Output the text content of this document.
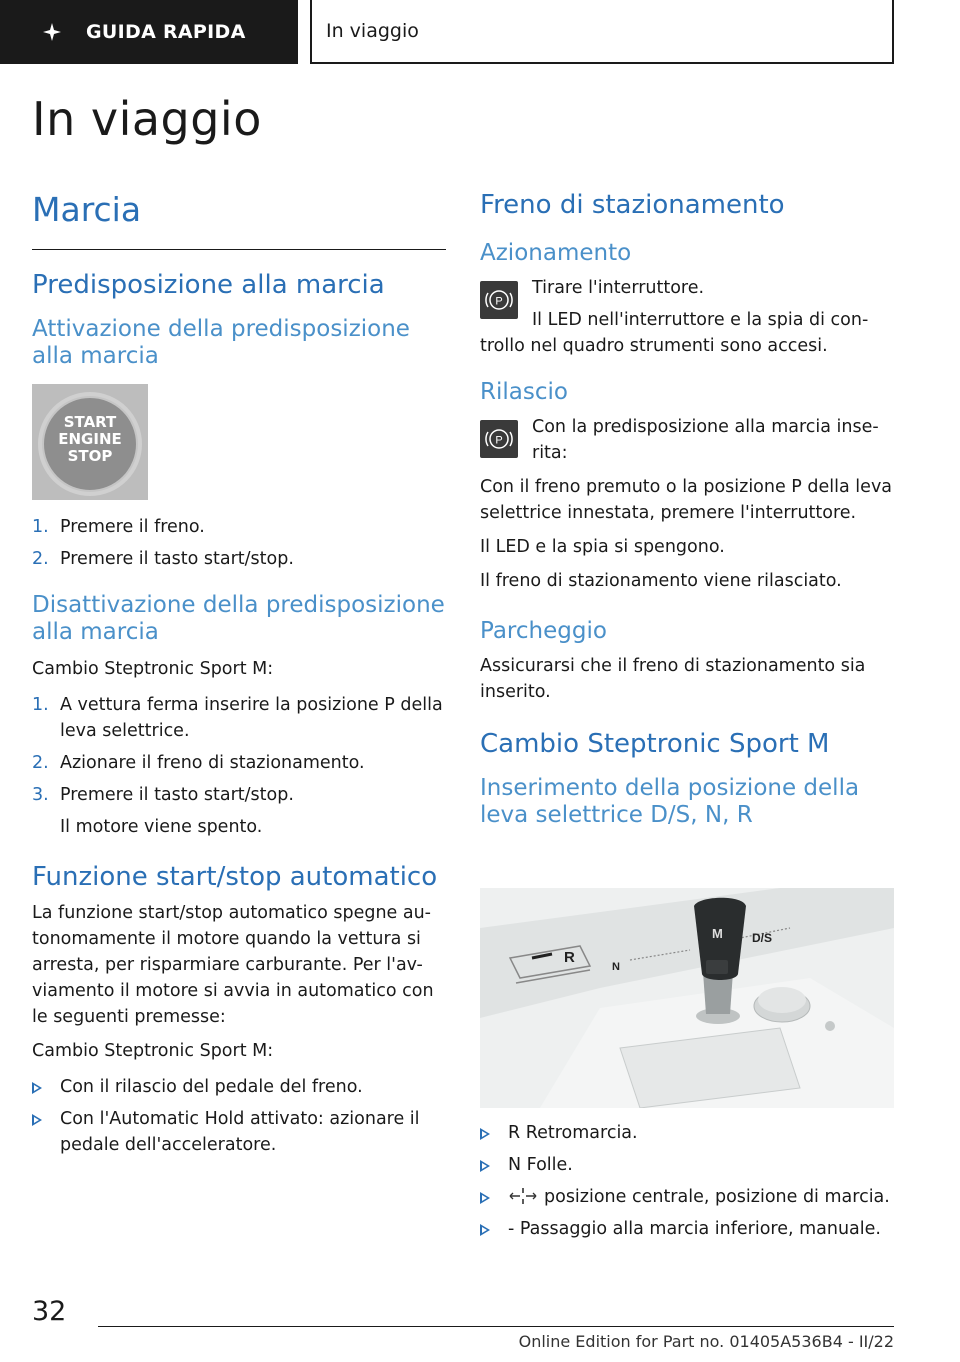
GUIDA RAPIDA	In viaggio
In viaggio
Marcia
Predisposizione alla marcia
Attivazione della predisposizione alla marcia
START
ENGINE
STOP
1. Premere il freno.
2. Premere il tasto start/stop.
Disattivazione della predisposizione alla marcia

Cambio Steptronic Sport M:

1. A vettura ferma inserire la posizione P della leva selettrice.
2. Azionare il freno di stazionamento.
3. Premere il tasto start/stop.

Il motore viene spento.

Funzione start/stop automatico

La funzione start/stop automatico spegne au-tonomamente il motore quando la vettura si arresta, per risparmiare carburante. Per l'av-viamento il motore si avvia in automatico con le seguenti premesse:

Cambio Steptronic Sport M:

Con il rilascio del pedale del freno.
Con l'Automatic Hold attivato: azionare il pedale dell'acceleratore.
Freno di stazionamento
Azionamento
P

Tirare l'interruttore.

Il LED nell'interruttore e la spia di con-trollo nel quadro strumenti sono accesi.

Rilascio
P

Con la predisposizione alla marcia inse-rita:

Con il freno premuto o la posizione P della leva selettrice innestata, premere l'interruttore.

Il LED e la spia si spengono.

Il freno di stazionamento viene rilasciato.

Parcheggio

Assicurarsi che il freno di stazionamento sia inserito.

Cambio Steptronic Sport M
Inserimento della posizione della leva selettrice D/S, N, R
R
N
D/S
M
R Retromarcia.
N Folle.
posizione centrale, posizione di marcia.
- Passaggio alla marcia inferiore, manuale.
32
Online Edition for Part no. 01405A536B4 - II/22
